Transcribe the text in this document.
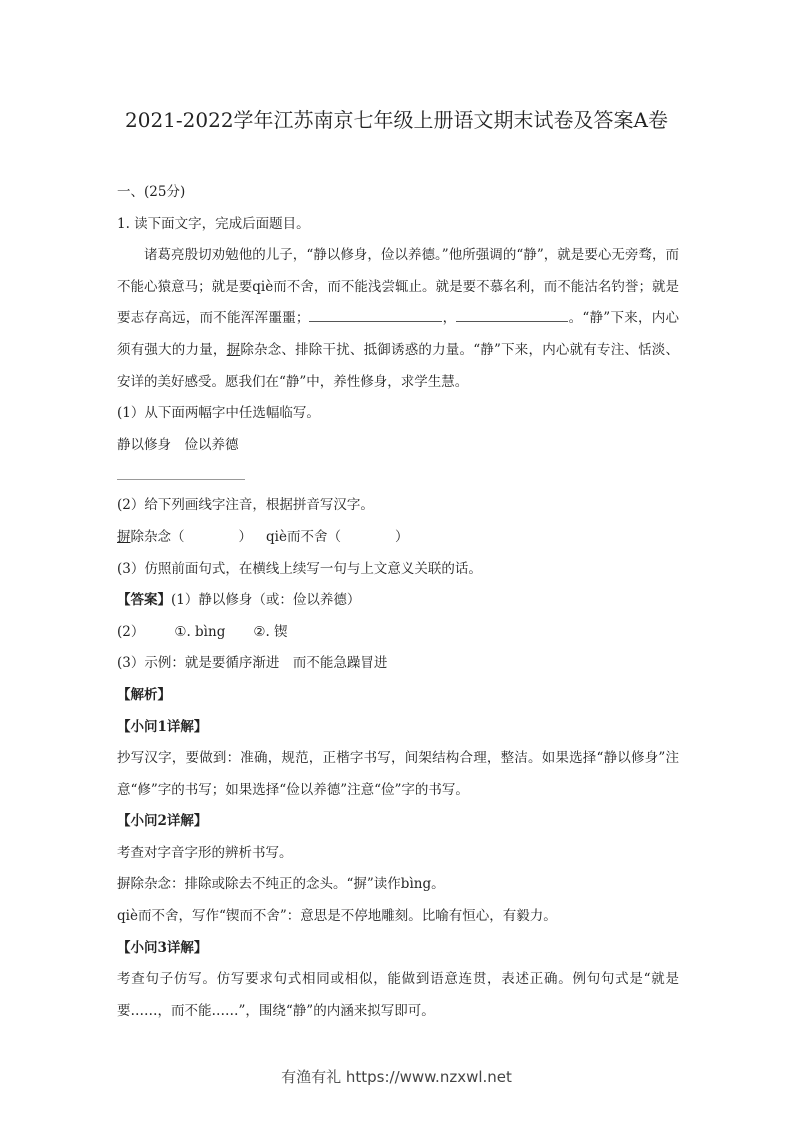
2021-2022学年江苏南京七年级上册语文期末试卷及答案A卷

一、(25分)

1. 读下面文字，完成后面题目。

诸葛亮殷切劝勉他的儿子，“静以修身，俭以养德。”他所强调的“静”，就是要心无旁骛，而不能心猿意马；就是要qiè而不舍，而不能浅尝辄止。就是要不慕名利，而不能沽名钓誉；就是要志存高远，而不能浑浑噩噩；	，	。“静”下来，内心须有强大的力量，摒除杂念、排除干扰、抵御诱惑的力量。“静”下来，内心就有专注、恬淡、安详的美好感受。愿我们在“静”中，养性修身，求学生慧。

(1）从下面两幅字中任选幅临写。

静以修身　俭以养德

(2）给下列画线字注音，根据拼音写汉字。

摒除杂念（　　　　） qiè而不舍（　　　　）

(3）仿照前面句式，在横线上续写一句与上文意义关联的话。

【答案】(1）静以修身（或：俭以养德）

(2） ①. bìng ②. 锲

(3）示例：就是要循序渐进　而不能急躁冒进

【解析】

【小问1详解】

抄写汉字，要做到：准确，规范，正楷字书写，间架结构合理，整洁。如果选择“静以修身”注意“修”字的书写；如果选择“俭以养德”注意“俭”字的书写。

【小问2详解】

考查对字音字形的辨析书写。

摒除杂念：排除或除去不纯正的念头。“摒”读作bìng。

qiè而不舍，写作“锲而不舍”：意思是不停地雕刻。比喻有恒心，有毅力。

【小问3详解】

考查句子仿写。仿写要求句式相同或相似，能做到语意连贯，表述正确。例句句式是“就是要……，而不能……”，围绕“静”的内涵来拟写即可。

有渔有礼 https://www.nzxwl.net
